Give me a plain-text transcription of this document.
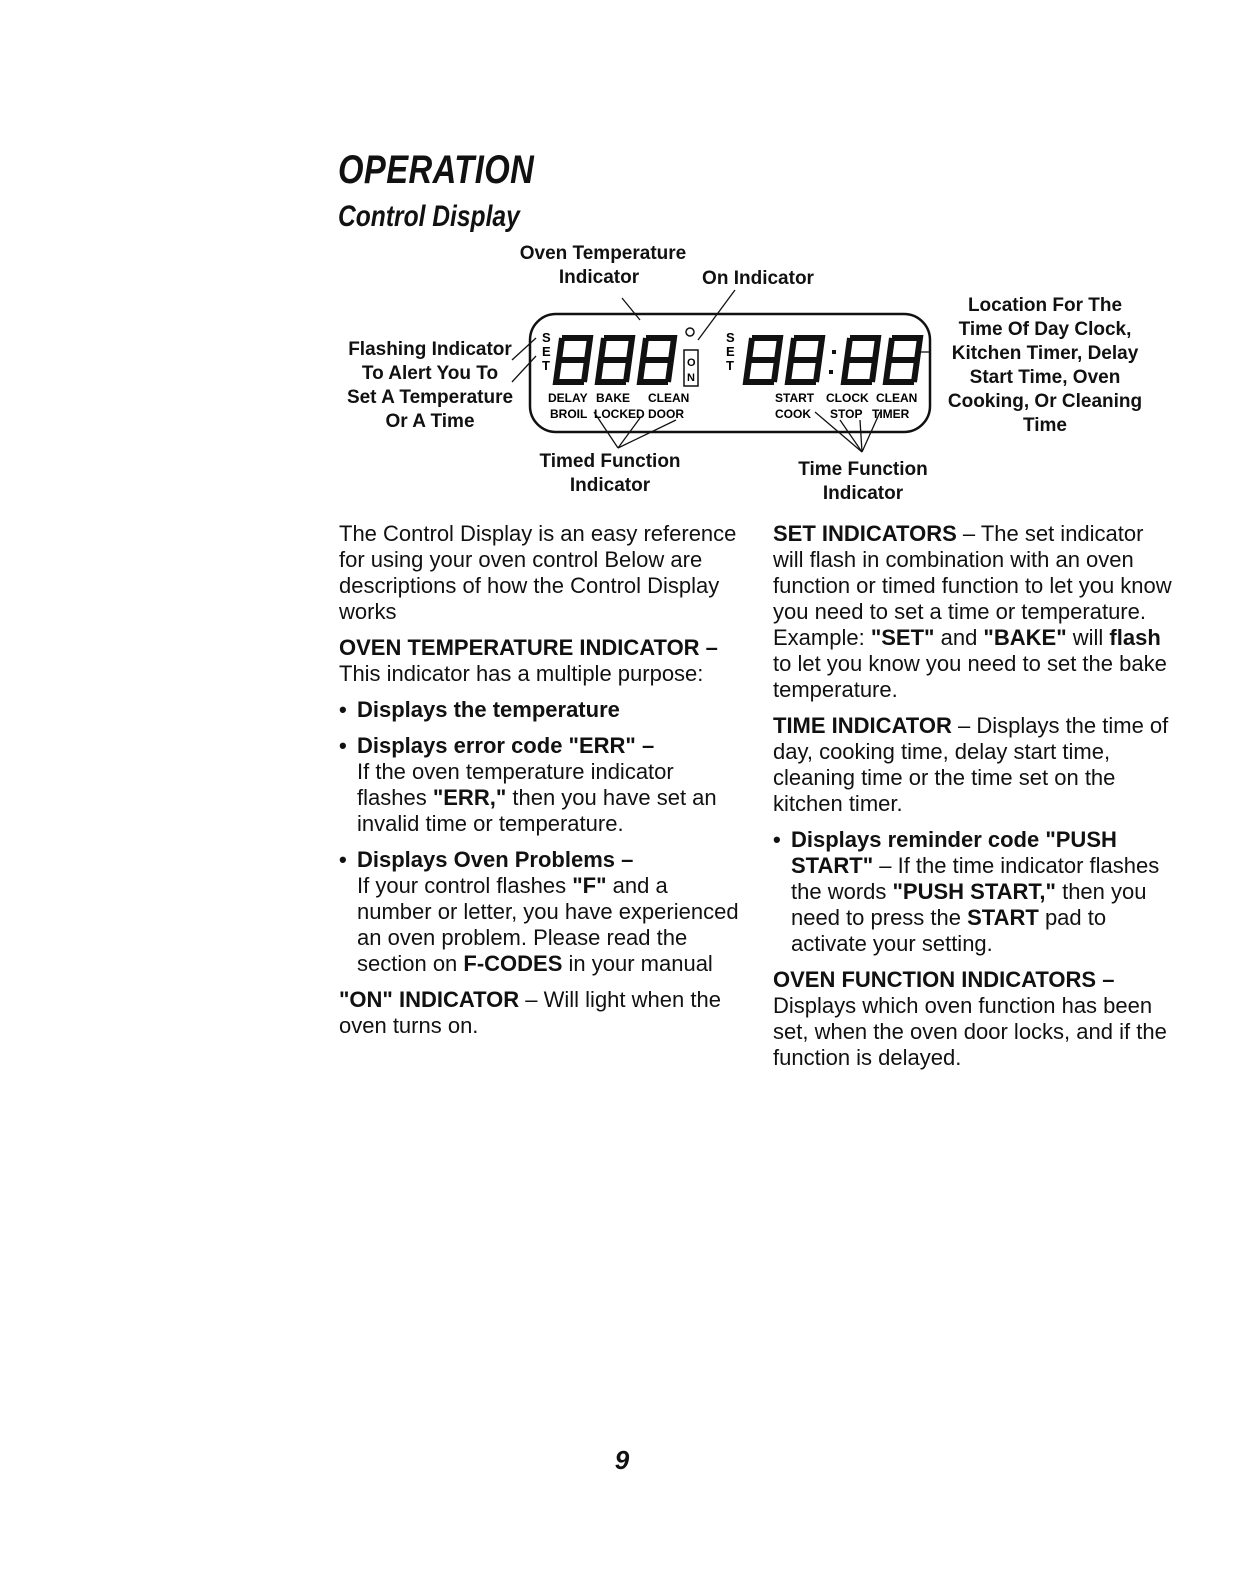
OPERATION
Control Display
Oven Temperature
Indicator	On Indicator
Flashing Indicator
To Alert You To
Set A Temperature
Or A Time
Location For The
Time Of Day Clock,
Kitchen Timer, Delay
Start Time, Oven
Cooking, Or Cleaning
Time
Timed Function
Indicator
Time Function
Indicator
S
E
T	O
N
S
E
T
DELAY BAKE CLEAN
BROIL LOCKED DOOR
START CLOCK CLEAN
COOK STOP TIMER

The Control Display is an easy reference for using your oven control Below are descriptions of how the Control Display works

OVEN TEMPERATURE INDICATOR –
This indicator has a multiple purpose:

• Displays the temperature
• Displays error code "ERR" –
If the oven temperature indicator flashes "ERR," then you have set an invalid time or temperature.
• Displays Oven Problems –
If your control flashes "F" and a number or letter, you have experienced an oven problem. Please read the section on F-CODES in your manual

"ON" INDICATOR – Will light when the oven turns on.

SET INDICATORS – The set indicator will flash in combination with an oven function or timed function to let you know you need to set a time or temperature. Example: "SET" and "BAKE" will flash to let you know you need to set the bake temperature.

TIME INDICATOR – Displays the time of day, cooking time, delay start time, cleaning time or the time set on the kitchen timer.

• Displays reminder code "PUSH START" – If the time indicator flashes the words "PUSH START," then you need to press the START pad to activate your setting.

OVEN FUNCTION INDICATORS –
Displays which oven function has been set, when the oven door locks, and if the function is delayed.

9
